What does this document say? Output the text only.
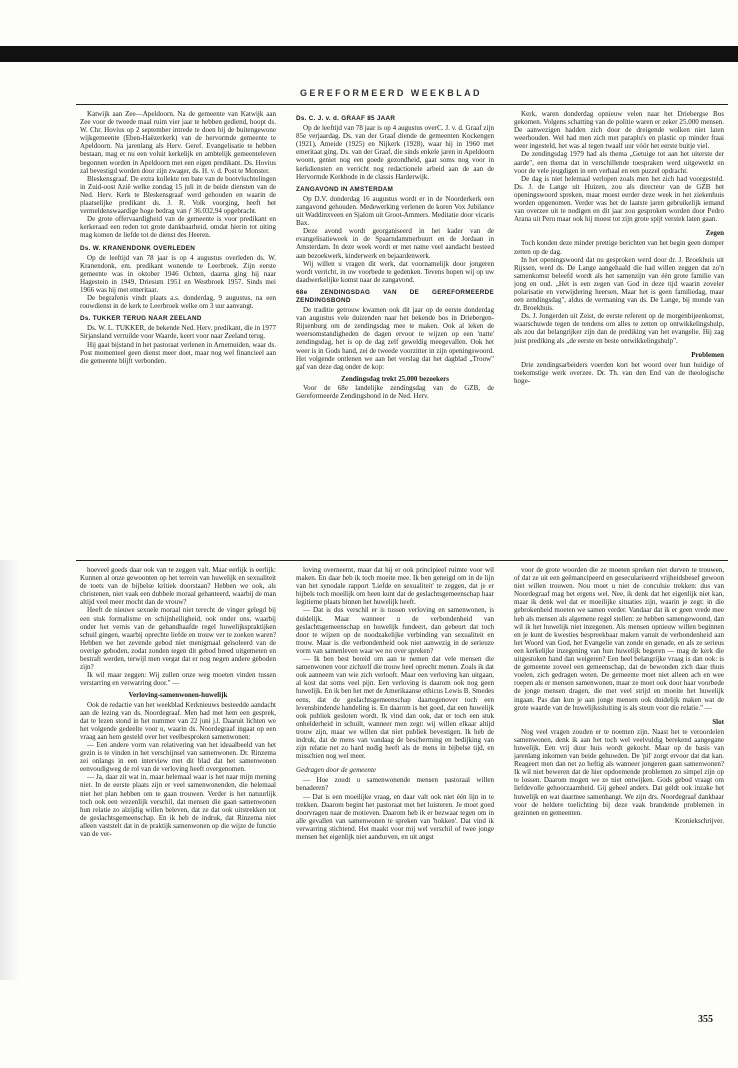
GEREFORMEERD WEEKBLAD

Katwijk aan Zee—Apeldoorn. Na de gemeente van Katwijk aan Zee voor de tweede maal ruim vier jaar te hebben gediend, hoopt ds. W. Chr. Hovius op 2 september intrede te doen bij de buitengewone wijkgemeente (Eben-Haëzerkerk) van de hervormde gemeente te Apeldoorn. Na jarenlang als Herv. Geref. Evangelisatie te hebben bestaan, mag er nu een voluit kerkelijk en ambtelijk gemeenteleven begonnen worden in Apeldoorn met een eigen predikant. Ds. Hovius zal bevestigd worden door zijn zwager, ds. H. v. d. Post te Monster.

Bleskensgraaf. De extra kollekte ten bate van de bootvluchtelingen in Zuid-oost Azië welke zondag 15 juli in de beide diensten van de Ned. Herv. Kerk te Bleskensgraaf werd gehouden en waarin de plaatselijke predikant ds. J. R. Volk voorging, heeft het vermeldenswaardige hoge bedrag van ƒ 36.032,94 opgebracht.

De grote offervaardigheid van de gemeente is voor predikant en kerkeraad een reden tot grote dankbaarheid, omdat hierin tot uiting mag komen de liefde tot de dienst des Heeren.

Ds. W. KRANENDONK OVERLEDEN

Op de leeftijd van 78 jaar is op 4 augustus overleden ds. W. Kranendonk, em. predikant wonende te Leerbroek. Zijn eerste gemeente was in oktober 1946 Ochten, daarna ging hij naar Hagestein in 1949, Driesum 1951 en Westbroek 1957. Sinds mei 1966 was hij met emeritaat.

De begrafenis vindt plaats a.s. donderdag, 9 augustus, na een rouwdienst in de kerk te Leerbroek welke om 3 uur aanvangt.

Ds. TUKKER TERUG NAAR ZEELAND

Ds. W. L. TUKKER, de bekende Ned. Herv. predikant, die in 1977 Sirjansland verruilde voor Waarde, keert voor naar Zeeland terug.

Hij gaat bijstand in het pastoraat verlenen in Arnemuiden, waar ds. Post momenteel geen dienst meer doet, maar nog wel financieel aan die gemeente blijft verbonden.

Ds. C. J. v. d. GRAAF 85 JAAR

Op de leeftijd van 78 jaar is op 4 augustus overC. J. v. d. Graaf zijn 85e verjaardag. Ds. van der Graaf diende de gemeenten Kockengen (1921), Ameide (1925) en Nijkerk (1928), waar hij in 1960 met emeritaat ging. Ds. van der Graaf, die sinds enkele jaren in Apeldoorn woont, geniet nog een goede gezondheid, gaat soms nog voor in kerkdiensten en verricht nog redactionele arbeid aan de aan de Hervormde Kerkbode in de classis Harderwijk.

ZANGAVOND IN AMSTERDAM

Op D.V. donderdag 16 augustus wordt er in de Noorderkerk een zangavond gehouden. Medewerking verlenen de koren Vox Jubilance uit Waddinxveen en Sjalom uit Groot-Ammers. Meditatie door vicaris Bax.

Deze avond wordt georganiseerd in het kader van de evangelisatieweek in de Spaarndammerbuurt en de Jordaan in Amsterdam. In deze week wordt er met name veel aandacht besteed aan bezoekwerk, kinderwerk en bejaardenwerk.

Wij willen u vragen dit werk, dat voornamelijk door jongeren wordt verricht, in uw voorbede te gedenken. Tevens hopen wij op uw daadwerkelijke komst naar de zangavond.

68e ZENDINGSDAG VAN DE GEREFORMEERDE ZENDINGSBOND

De traditie getrouw kwamen ook dit jaar op de eerste donderdag van augustus vele duizenden naar het bekende bos in Driebergen-Rijsenburg om de zendingsdag mee te maken. Ook al leken de weersomstandigheden de dagen ervoor te wijzen op een 'natte' zendingsdag, het is op de dag zelf geweldig meegevallen. Ook het weer is in Gods hand, zei de tweede voorzitter in zijn openingswoord. Het volgende ontlenen we aan het verslag dat het dagblad „Trouw" gaf van deze dag onder de kop:

Zendingsdag trekt 25.000 bezoekers

Voor de 68e landelijke zendingsdag van de GZB, de Gereformeerde Zendingsbond in de Ned. Herv.

Kerk, waren donderdag opnieuw velen naar het Driebergse Bos gekomen. Volgens schatting van de politie waren er zeker 25.000 mensen. De aanwezigen hadden zich door de dreigende wolken niet laten weerhouden. Wel had men zich met paraplu's en plastic op minder fraai weer ingesteld, het was al tegen twaalf uur vóór het eerste buitje viel.

De zendingsdag 1979 had als thema „Getuige tot aan het uiterste der aarde", een thema dat in verschillende toespraken werd uitgewerkt en voor de vele jeugdigen in een verhaal en een puzzel opdracht.

De dag is niet helemaal verlopen zoals men het zich had voorgesteld. Ds. J. de Lange uit Huizen, zou als directeur van de GZB het openingswoord spreken, maar moest eerder deze week in het ziekenhuis worden opgenomen. Verder was het de laatste jaren gebruikelijk iemand van overzee uit te nodigen en dit jaar zou gesproken worden door Pedro Arana uit Peru maar ook hij moest tot zijn grote spijt verstek laten gaan.

Zegen

Toch konden deze minder prettige berichten van het begin geen domper zetten op de dag.

In het openingswoord dat nu gesproken werd door dr. J. Broekhuis uit Rijssen, werd ds. De Lange aangehaald die had willen zeggen dat zo'n samenkomst beleefd wordt als het samenzijn van één grote familie van jong en oud. „Het is een zegen van God in deze tijd waarin zoveler polarisatie en verwijdering heersen. Maar het is geen familiedag, maar een zendingsdag", aldus de vermaning van ds. De Lange, bij monde van dr. Broekhuis.

Ds. J. Jongerden uit Zeist, de eerste referent op de morgenbijeenkomst, waarschuwde tegen de tendens om alles te zetten op ontwikkelingshulp, als zou dat belangrijker zijn dan de prediking van het evangelie. Hij zag juist prediking als „de eerste en beste ontwikkelingshulp".

Problemen

Drie zendingsarbeiders voerden kort het woord over hun huidige of toekomstige werk overzee. Dr. Th. van den End van de theologische hoge-

hoeveel goeds daar ook van te zeggen valt. Maar eerlijk is eerlijk: Kunnen al onze gewoonten op het terrein van huwelijk en sexualiteit de toets van de bijbelse kritiek doorstaan? Hebben we ook, als christenen, niet vaak een dubbele moraal gehanteerd, waarbij de man altijd veel meer mocht dan de vrouw?

Heeft de nieuwe sexuele moraal niet terecht de vinger gelegd bij een stuk formalisme en schijnheiligheid, ook onder ons, waarbij onder het vernis van de gehandhaafde regel huwelijkspraktijken schuil gingen, waarbij oprechte liefde en trouw ver te zoeken waren? Hebben we het zevende gebod niet menigmaal geïsoleerd van de overige geboden, zodat zonden tegen dit gebod breed uitgemeten en bestraft werden, terwijl men vergat dat er nog negen andere geboden zijn?

Ik wil maar zeggen: Wij zullen onze weg moeten vinden tussen verstarring en verwarring door." —

Verloving-samenwonen-huwelijk

Ook de redactie van het weekblad Kerknieuws besteedde aandacht aan de lezing van ds. Noordegraaf. Men had met hem een gesprek, dat te lezen stond in het nummer van 22 juni j.l. Daaruit lichten we het volgende gedeelte voor u, waarin ds. Noordegraaf ingaat op een vraag aan hem gesteld over het veelbesproken samenwonen:

— Een andere vorm van relativering van het ideaalbeeld van het gezin is te vinden in het verschijnsel van samenwonen. Dr. Rinzema zei onlangs in een interview met dit blad dat het samenwonen eenvoudigweg de rol van de verloving heeft overgenomen.

— Ja, daar zit wat in, maar helemaal waar is het naar mijn mening niet. In de eerste plaats zijn er veel samenwonenden, die helemaal niet het plan hebben om te gaan trouwen. Verder is het natuurlijk toch ook een wezenlijk verschil, dat mensen die gaan samenwonen hun relatie zo alzijdig willen beleven, dat ze dat ook uitstrekken tot de geslachtsgemeenschap. En ik heb de indruk, dat Rinzema niet alleen vaststelt dat in de praktijk samenwonen op die wijze de functie van de ver-

loving overneemt, maar dat hij er ook principieel ruimte voor wil maken. En daar heb ik toch moeite mee. Ik ben geneigd om in de lijn van het synodale rapport 'Liefde en sexualiteit' te zeggen, dat je er bijbels toch moeilijk om heen kunt dat de geslachtsgemeenschap haar legitieme plaats binnen het huwelijk heeft.

— Dat is dus verschil er is tussen verloving en samenwonen, is duidelijk. Maar wanneer u de verbondenheid van geslachtsgemeenschap en huwelijk fundeert, dan gebeurt dat toch door te wijzen op de noodzakelijke verbinding van sexualiteit en trouw. Maar is die verbondenheid ook niet aanwezig in de serieuze vorm van samenleven waar we nu over spreken?

— Ik ben best bereid om aan te nemen dat vele mensen die samenwonen voor zichzelf die trouw heel oprecht menen. Zoals ik dat ook aanneem van wie zich verlooft. Maar een verloving kan uitgaan, al kost dat soms veel pijn. Een verloving is daarom ook nog geen huwelijk. En ik ben het met de Amerikaanse ethicus Lewis B. Smedes eens, dat de geslachtsgemeenschap daartegenover toch een levensbindende handeling is. En daarom is het goed, dat een huwelijk ook publiek gesloten wordt. Ik vind dan ook, dat er toch een stuk onhelderheid in schuilt, wanneer men zegt: wij willen elkaar altijd trouw zijn, maar we willen dat niet publiek bevestigen. Ik heb de indruk, dat de mens van vandaag de bescherming en bedijking van zijn relatie net zo hard nodig heeft als de mens in bijbelse tijd, en misschien nog wel meer.

Gedragen door de gemeente

— Hoe zoudt u samenwonende mensen pastoraal willen benaderen?

— Dat is een moeilijke vraag, en daar valt ook niet één lijn in te trekken. Daarom begint het pastoraat met het luisteren. Je moet goed doorvragen naar de motieven. Daarom heb ik er bezwaar tegen om in alle gevallen van samenwonen te spreken van 'hokken'. Dat vind ik verwarring stichtend. Het maakt voor mij wel verschil of twee jonge mensen het eigenlijk niet aandurven, en uit angst

voor de grote woorden die ze moeten spreken niet durven te trouwen, of dat ze uit een geëmancipeerd en geseculariseerd vrijheidsbesef gewoon niet willen trouwen. Nou moet u niet de conculsie trekken: dus van Noordegraaf mag het ergens wel. Nee, ik denk dat het eigenlijk niet kan, maar ik denk wel dat er moeilijke situaties zijn, waarin je zegt: in die gebrokenheid moeten we samen verder. Vandaar dat ik er geen vrede mee heb als mensen als algemene regel stellen: ze hebben samengewoond, dan wil ik het huwelijk niet inzegenen. Als mensen opnieuw willen beginnen en je kunt de kwesties bespreekbaar maken vanuit de verbondenheid aan het Woord van God, het Evangelie van zonde en genade, en als ze serieus een kerkelijke inzegening van hun huwelijk begeren — mag de kerk die uitgestoken hand dan weigeren? Een heel belangrijke vraag is dan ook: is de gemeente zoveel een gemeenschap, dat de bewonden zich daar thuis voelen, zich gedragen weten. De gemeente moet niet alleen ach en wee roepen als er mensen samenwonen, maar ze moet ook door haar voorbede de jonge mensen dragen, die met veel strijd en moeite het huwelijk ingaan. Pas dan kun je aan jonge mensen ook duidelijk maken wat de grote waarde van de huwelijkssluiting is als steun voor die relatie." —

Slot

Nog veel vragen zouden er te noemen zijn. Naast het te veroordelen samenwonen, denk ik aan het toch wel veelvuldig berekend aangegane huwelijk. Een vrij duur huis wordt gekocht. Maar op de basis van jarenlang inkomen van beide gehuwden. De 'pil' zorgt ervoor dat dat kan. Reageert men dan net zo heftig als wanneer jongeren gaan samenwonen? Ik wil niet beweren dat de hier opdoemende problemen zo simpel zijn op te lossen. Daarom mogen we ze niet ontwijken. Gods gebod vraagt om liefdevolle gehoorzaamheid. Gij geheel anders. Dat geldt ook inzake het huwelijk en wat daarmee samenhangt. We zijn drs. Noordegraaf dankbaar voor de heldere toelichting bij deze vaak brandende problemen in gezinnen en gemeenten.

Kroniekschrijver.

355
